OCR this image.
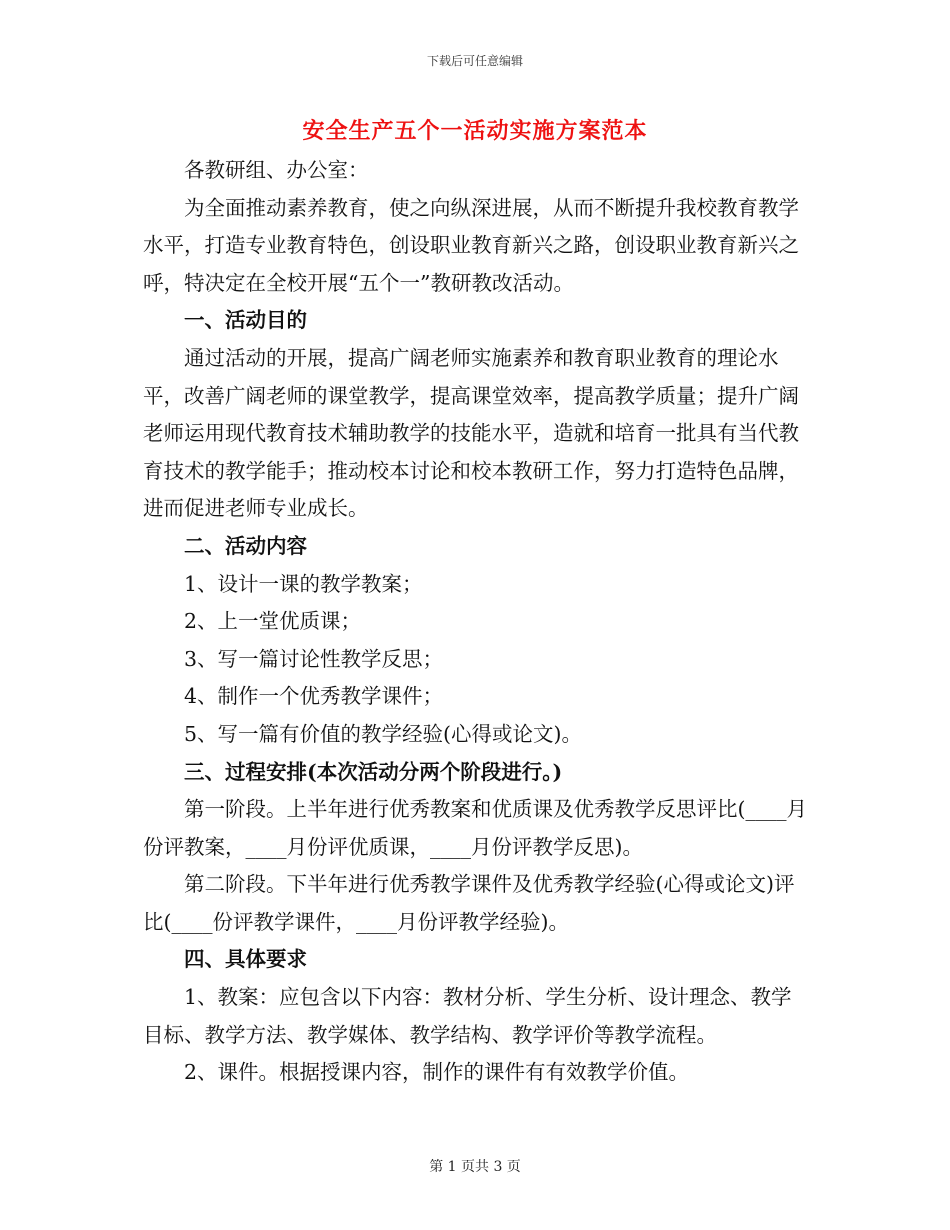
下载后可任意编辑
安全生产五个一活动实施方案范本

各教研组、办公室：

为全面推动素养教育，使之向纵深进展，从而不断提升我校教育教学水平，打造专业教育特色，创设职业教育新兴之路，创设职业教育新兴之呼，特决定在全校开展“五个一”教研教改活动。

一、活动目的

通过活动的开展，提高广阔老师实施素养和教育职业教育的理论水平，改善广阔老师的课堂教学，提高课堂效率，提高教学质量；提升广阔老师运用现代教育技术辅助教学的技能水平，造就和培育一批具有当代教育技术的教学能手；推动校本讨论和校本教研工作，努力打造特色品牌，进而促进老师专业成长。

二、活动内容

1、设计一课的教学教案；

2、上一堂优质课；

3、写一篇讨论性教学反思；

4、制作一个优秀教学课件；

5、写一篇有价值的教学经验(心得或论文)。

三、过程安排(本次活动分两个阶段进行。)

第一阶段。上半年进行优秀教案和优质课及优秀教学反思评比(____月份评教案，____月份评优质课，____月份评教学反思)。

第二阶段。下半年进行优秀教学课件及优秀教学经验(心得或论文)评比(____份评教学课件，____月份评教学经验)。

四、具体要求

1、教案：应包含以下内容：教材分析、学生分析、设计理念、教学目标、教学方法、教学媒体、教学结构、教学评价等教学流程。

2、课件。根据授课内容，制作的课件有有效教学价值。

第 1 页共 3 页
